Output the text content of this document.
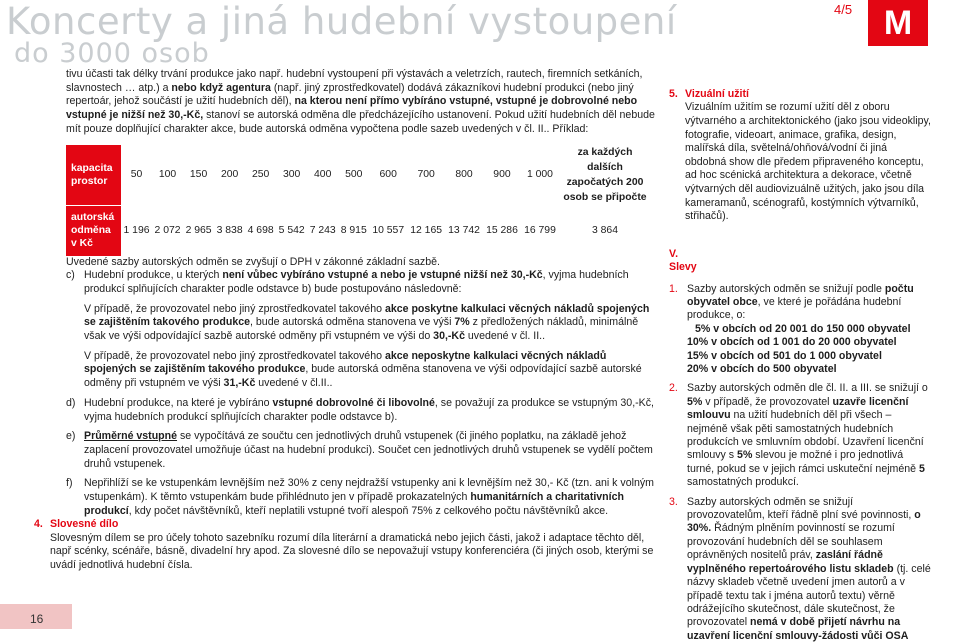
Koncerty a jiná hudební vystoupení
do 3000 osob
4/5 M

tivu účasti tak délky trvání produkce jako např. hudební vystoupení při výstavách a veletrzích, rautech, firemních setkáních,
slavnostech … atp.) a nebo když agentura (např. jiný zprostředkovatel) dodává zákazníkovi hudební produkci (nebo jiný
repertoár, jehož součástí je užití hudebních děl), na kterou není přímo vybíráno vstupné, vstupné je dobrovolné nebo
vstupné je nižší než 30,-Kč, stanoví se autorská odměna dle předcházejícího ustanovení. Pokud užití hudebních děl nebude
mít pouze doplňující charakter akce, bude autorská odměna vypočtena podle sazeb uvedených v čl. II.. Příklad:

kapacita prostor	50	100	150	200	250	300	400	500	600	700	800	900	1 000	za každých dalších započatých 200 osob se připočte
autorská odměna v Kč	1 196	2 072	2 965	3 838	4 698	5 542	7 243	8 915	10 557	12 165	13 742	15 286	16 799	3 864

Uvedené sazby autorských odměn se zvyšují o DPH v zákonné základní sazbě.

c) Hudební produkce, u kterých není vůbec vybíráno vstupné a nebo je vstupné nižší než 30,-Kč, vyjma hudebních produkcí splňujících charakter podle odstavce b) bude postupováno následovně:

V případě, že provozovatel nebo jiný zprostředkovatel takového akce poskytne kalkulaci věcných nákladů spojených se zajištěním takového produkce, bude autorská odměna stanovena ve výši 7% z předložených nákladů, minimálně však ve výši odpovídající sazbě autorské odměny při vstupném ve výši do 30,-Kč uvedené v čl. II..

V případě, že provozovatel nebo jiný zprostředkovatel takového akce neposkytne kalkulaci věcných nákladů spojených se zajištěním takového produkce, bude autorská odměna stanovena ve výši odpovídající sazbě autorské odměny při vstupném ve výši 31,-Kč uvedené v čl.II..

d) Hudební produkce, na které je vybíráno vstupné dobrovolné či libovolné, se považují za produkce se vstupným 30,-Kč, vyjma hudebních produkcí splňujících charakter podle odstavce b).

e) Průměrné vstupné se vypočítává ze součtu cen jednotlivých druhů vstupenek (či jiného poplatku, na základě jehož zaplacení provozovatel umožňuje účast na hudební produkci). Součet cen jednotlivých druhů vstupenek se vydělí počtem druhů vstupenek.

f)	Nepřihlíží se ke vstupenkám levnějším než 30% z ceny nejdražší vstupenky ani k levnějším než 30,- Kč (tzn. ani k volným vstupenkám). K těmto vstupenkám bude přihlédnuto jen v případě prokazatelných humanitárních a charitativních produkcí, kdy počet návštěvníků, kteří neplatili vstupné tvoří alespoň 75% z celkového počtu návštěvníků akce.

4. Slovesné dílo

Slovesným dílem se pro účely tohoto sazebníku rozumí díla literární a dramatická nebo jejich části, jakož i adaptace těchto děl, např scénky, scénáře, básně, divadelní hry apod. Za slovesné dílo se nepovažují vstupy konferenciéra (či jiných osob, kterými se uvádí jednotlivá hudební čísla.

5. Vizuální užití

Vizuálním užitím se rozumí užití děl z oboru výtvarného a architektonického (jako jsou videoklipy, fotografie, videoart, animace, grafika, design, malířská díla, světelná/ohňová/vodní či jiná obdobná show dle předem připraveného konceptu, ad hoc scénická architektura a dekorace, včetně výtvarných děl audiovizuálně užitých, jako jsou díla kameramanů, scénografů, kostýmních výtvarníků, střihačů).

V.
Slevy
1. Sazby autorských odměn se snižují podle počtu obyvatel obce, ve které je pořádána hudební produkce, o:

5% v obcích od 20 001 do 150 000 obyvatel

10% v obcích od 1 001 do 20 000 obyvatel

15% v obcích od 501 do 1 000 obyvatel

20% v obcích do 500 obyvatel

2. Sazby autorských odměn dle čl. II. a III. se snižují o 5% v případě, že provozovatel uzavře licenční smlouvu na užití hudebních děl při všech – nejméně však pěti samostatných hudebních produkcích ve smluvním období. Uzavření licenční smlouvy s 5% slevou je možné i pro jednotlivá turné, pokud se v jejich rámci uskuteční nejméně 5 samostatných produkcí.

3. Sazby autorských odměn se snižují provozovatelům, kteří řádně plní své povinnosti, o 30%. Řádným plněním povinností se rozumí provozování hudebních děl se souhlasem oprávněných nositelů práv, zaslání řádně vyplněného repertoárového listu skladeb (tj. celé názvy skladeb včetně uvedení jmen autorů a v případě textu tak i jména autorů textu) věrně odrážejícího skutečnost, dále skutečnost, že provozovatel nemá v době přijetí návrhu na uzavření licenční smlouvy-žádosti vůči OSA

16
